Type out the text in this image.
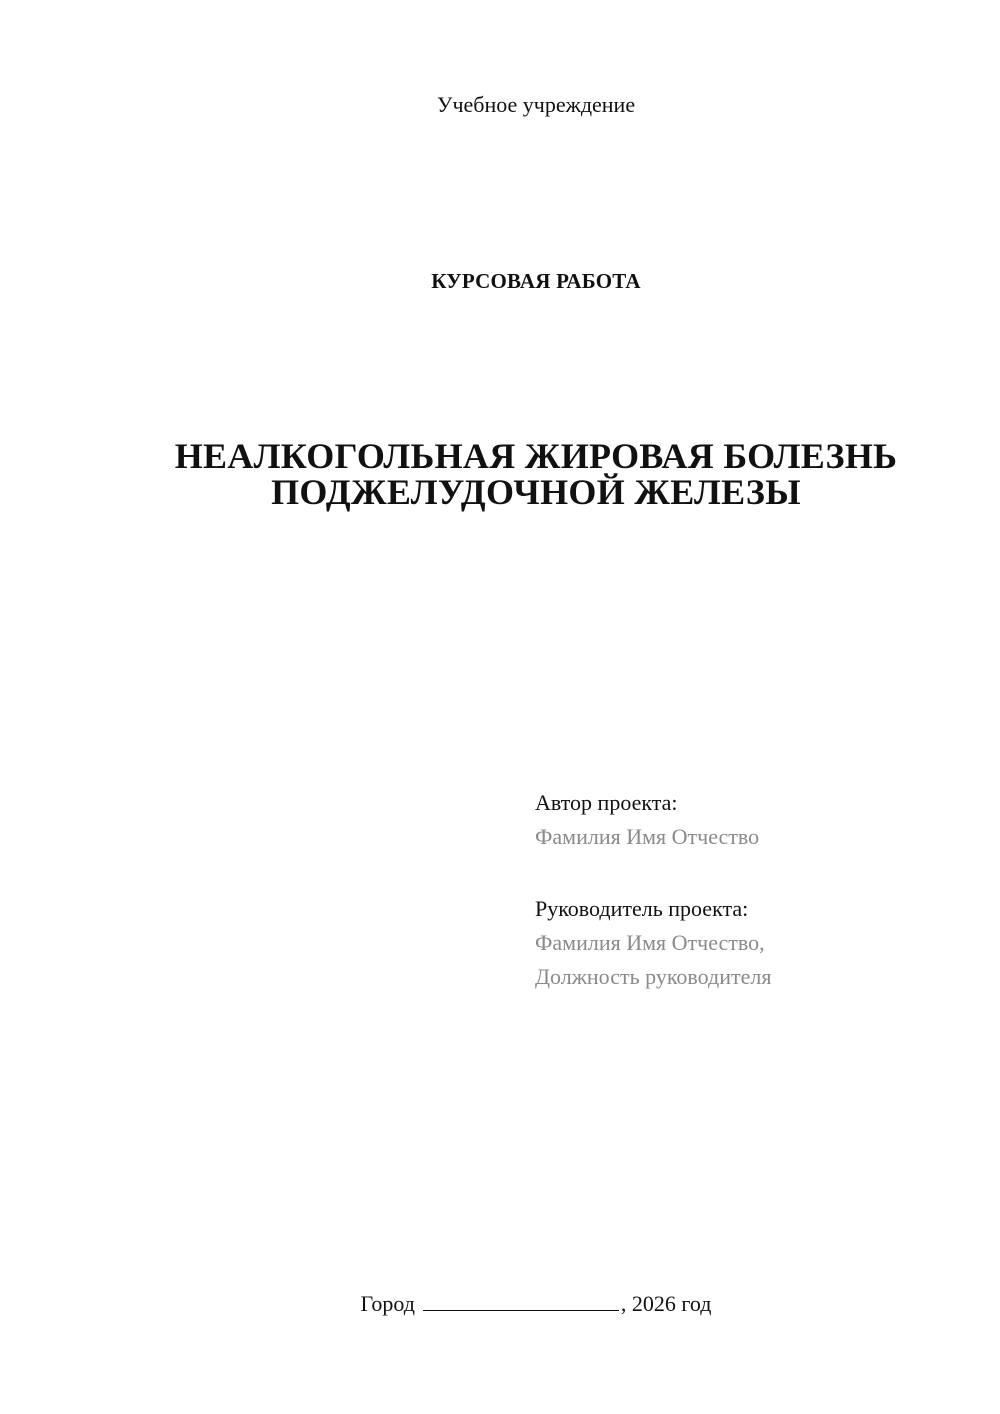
Учебное учреждение
КУРСОВАЯ РАБОТА
НЕАЛКОГОЛЬНАЯ ЖИРОВАЯ БОЛЕЗНЬ
ПОДЖЕЛУДОЧНОЙ ЖЕЛЕЗЫ
Автор проекта:
Фамилия Имя Отчество
Руководитель проекта:
Фамилия Имя Отчество,
Должность руководителя
Город	, 2026 год
